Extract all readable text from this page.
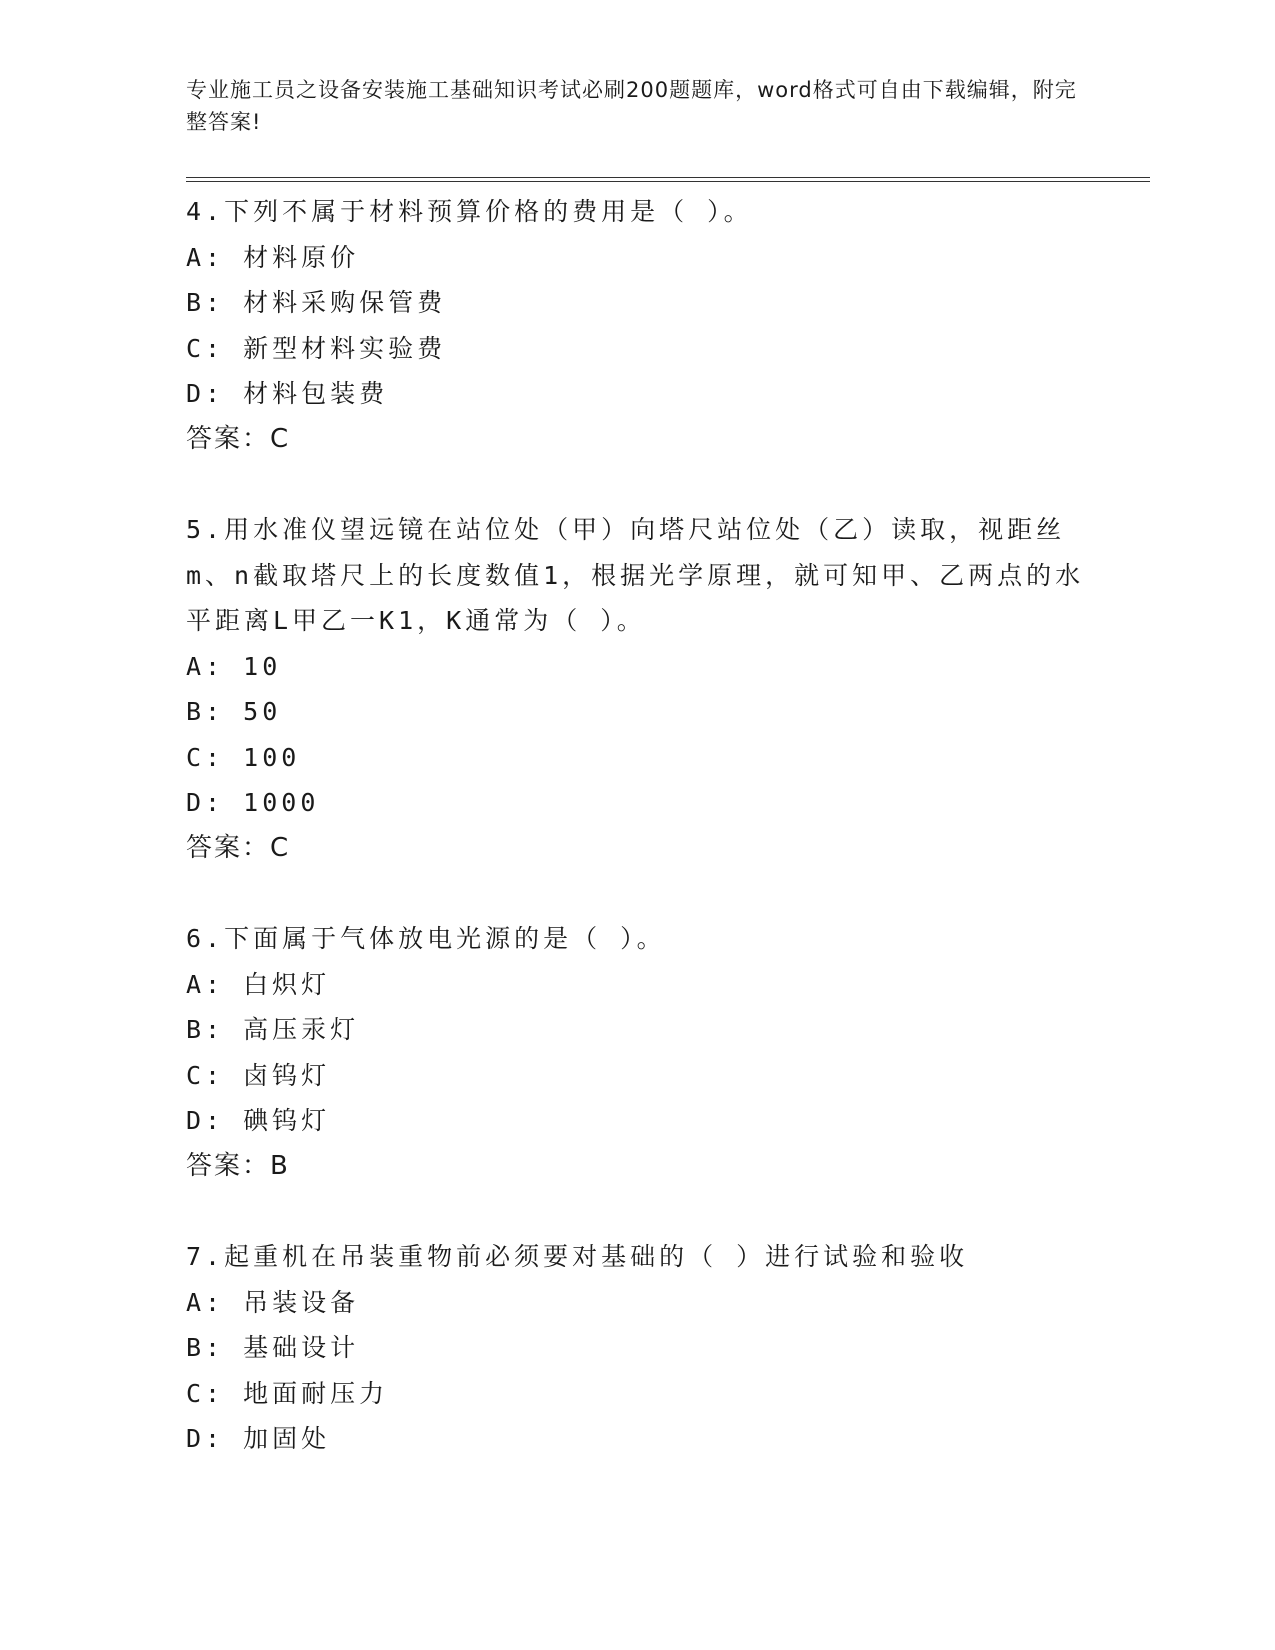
专业施工员之设备安装施工基础知识考试必刷200题题库，word格式可自由下载编辑，附完整答案!

4.下列不属于材料预算价格的费用是（ ）。

A: 材料原价

B: 材料采购保管费

C: 新型材料实验费

D: 材料包装费

答案：C

5.用水准仪望远镜在站位处（甲）向塔尺站位处（乙）读取，视距丝m、n截取塔尺上的长度数值1，根据光学原理，就可知甲、乙两点的水平距离L甲乙一K1，K通常为（ ）。

A: 10

B: 50

C: 100

D: 1000

答案：C

6.下面属于气体放电光源的是（ ）。

A: 白炽灯

B: 高压汞灯

C: 卤钨灯

D: 碘钨灯

答案：B

7.起重机在吊装重物前必须要对基础的（ ）进行试验和验收

A: 吊装设备

B: 基础设计

C: 地面耐压力

D: 加固处
